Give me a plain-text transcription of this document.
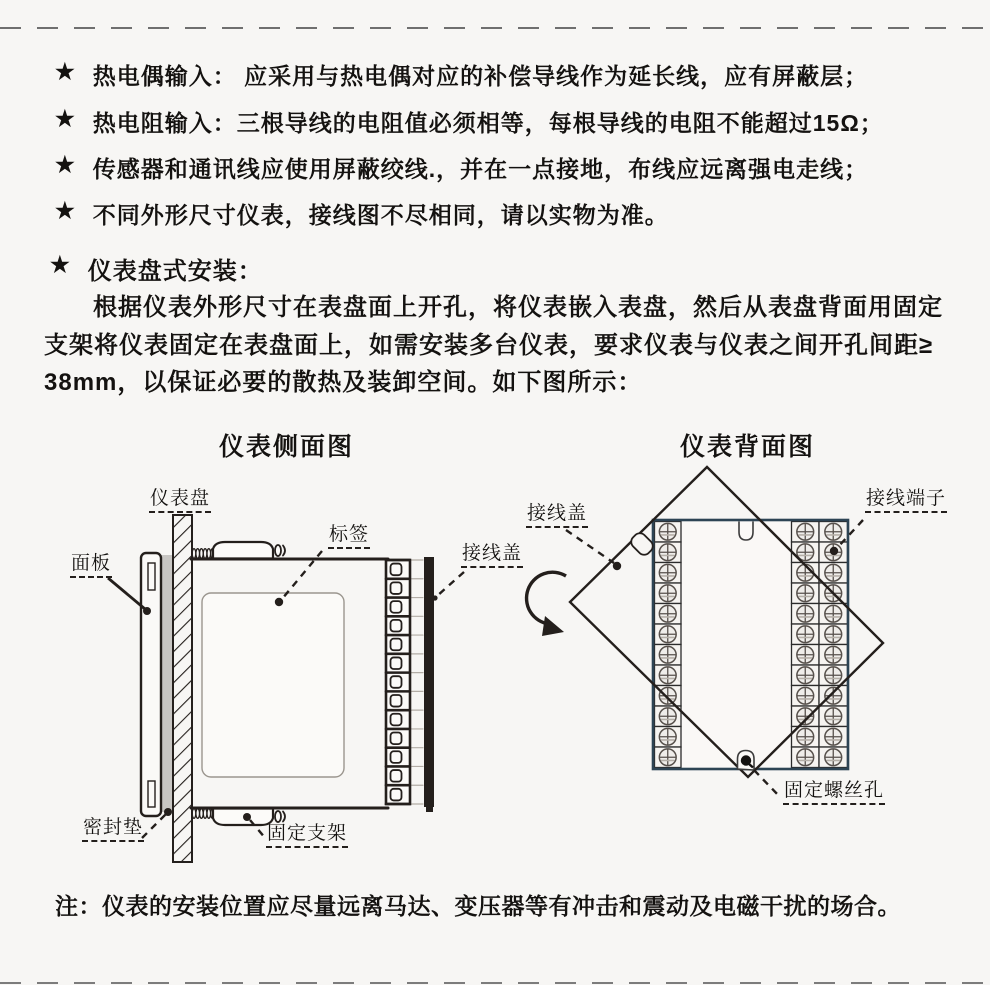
★ 热电偶输入： 应采用与热电偶对应的补偿导线作为延长线，应有屏蔽层；
★ 热电阻输入：三根导线的电阻值必须相等，每根导线的电阻不能超过15Ω；
★ 传感器和通讯线应使用屏蔽绞线.，并在一点接地，布线应远离强电走线；
★ 不同外形尺寸仪表，接线图不尽相同，请以实物为准。
★ 仪表盘式安装：
根据仪表外形尺寸在表盘面上开孔，将仪表嵌入表盘，然后从表盘背面用固定
支架将仪表固定在表盘面上，如需安装多台仪表，要求仪表与仪表之间开孔间距≥
38mm，以保证必要的散热及装卸空间。如下图所示：
仪表侧面图	仪表背面图
仪表盘
标签
接线盖
面板
密封垫	固定支架
接线盖
接线端子
固定螺丝孔
注：仪表的安装位置应尽量远离马达、变压器等有冲击和震动及电磁干扰的场合。
